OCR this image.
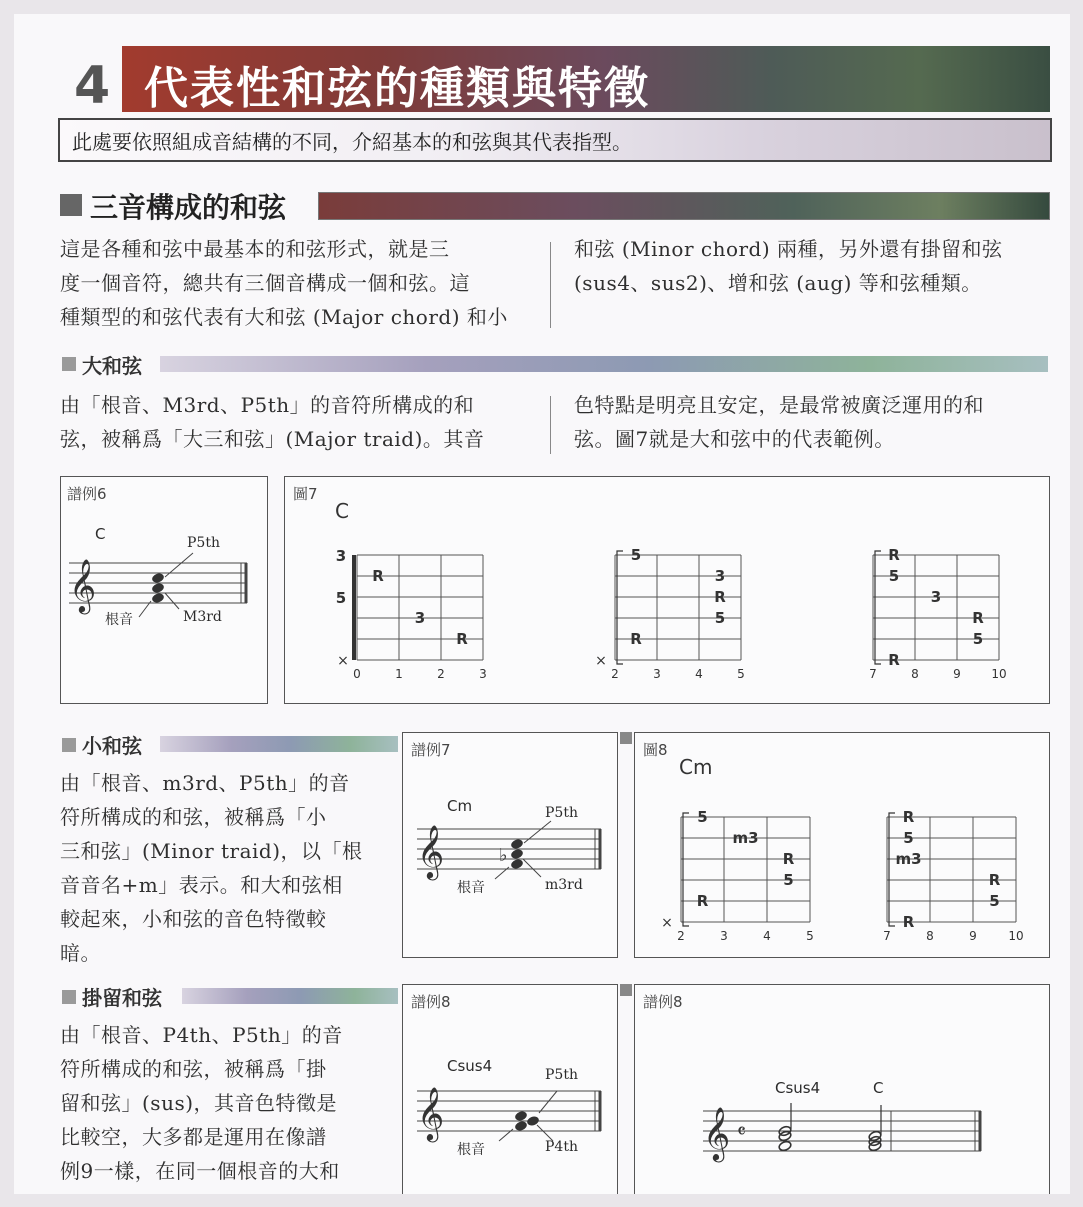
4 代表性和弦的種類與特徵
此處要依照組成音結構的不同，介紹基本的和弦與其代表指型。
三音構成的和弦
這是各種和弦中最基本的和弦形式，就是三
度一個音符，總共有三個音構成一個和弦。這
種類型的和弦代表有大和弦 (Major chord) 和小
和弦 (Minor chord) 兩種，另外還有掛留和弦
(sus4、sus2)、增和弦 (aug) 等和弦種類。
大和弦
由「根音、M3rd、P5th」的音符所構成的和
弦，被稱爲「大三和弦」(Major traid)。其音
色特點是明亮且安定，是最常被廣泛運用的和
弦。圖7就是大和弦中的代表範例。
譜例6
𝄞
C	P5th
根音	M3rd
圖7
C
0	1	2	3
×
3
5
R
3
R
2	3	4	5
×
5
3
R
5
R
7	8	9	10
R
5
3
R
5
R
小和弦
由「根音、m3rd、P5th」的音
符所構成的和弦，被稱爲「小
三和弦」(Minor traid)，以「根
音音名+m」表示。和大和弦相
較起來，小和弦的音色特徵較
暗。
譜例7
𝄞	♭
Cm	P5th
根音	m3rd
圖8
Cm
2	3	4	5
×
5
m3
R
5
R
7	8	9	10
R
5
m3
R
5
R
掛留和弦
由「根音、P4th、P5th」的音
符所構成的和弦，被稱爲「掛
留和弦」(sus)，其音色特徵是
比較空，大多都是運用在像譜
例9一樣，在同一個根音的大和
譜例8
𝄞
Csus4	P5th
根音	P4th
譜例8
𝄞 𝄴
Csus4	C
